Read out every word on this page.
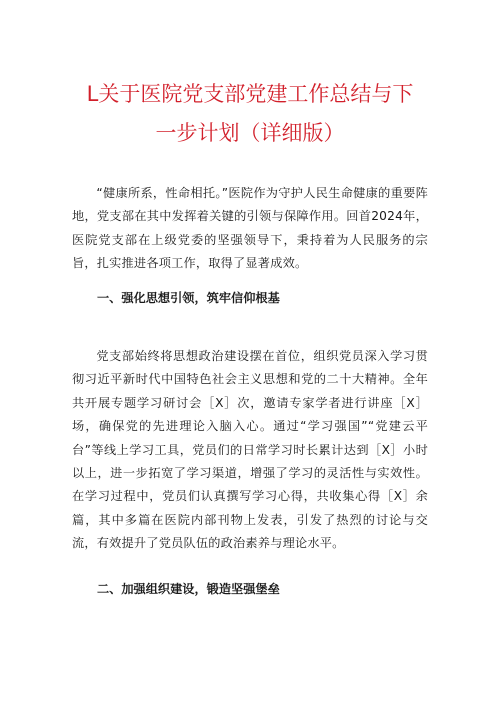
L关于医院党支部党建工作总结与下
一步计划（详细版）

“健康所系，性命相托。”医院作为守护人民生命健康的重要阵地，党支部在其中发挥着关键的引领与保障作用。回首2024年，医院党支部在上级党委的坚强领导下，秉持着为人民服务的宗旨，扎实推进各项工作，取得了显著成效。

一、强化思想引领，筑牢信仰根基

党支部始终将思想政治建设摆在首位，组织党员深入学习贯彻习近平新时代中国特色社会主义思想和党的二十大精神。全年共开展专题学习研讨会［X］次，邀请专家学者进行讲座［X］场，确保党的先进理论入脑入心。通过“学习强国”“党建云平台”等线上学习工具，党员们的日常学习时长累计达到［X］小时以上，进一步拓宽了学习渠道，增强了学习的灵活性与实效性。在学习过程中，党员们认真撰写学习心得，共收集心得［X］余篇，其中多篇在医院内部刊物上发表，引发了热烈的讨论与交流，有效提升了党员队伍的政治素养与理论水平。

二、加强组织建设，锻造坚强堡垒
